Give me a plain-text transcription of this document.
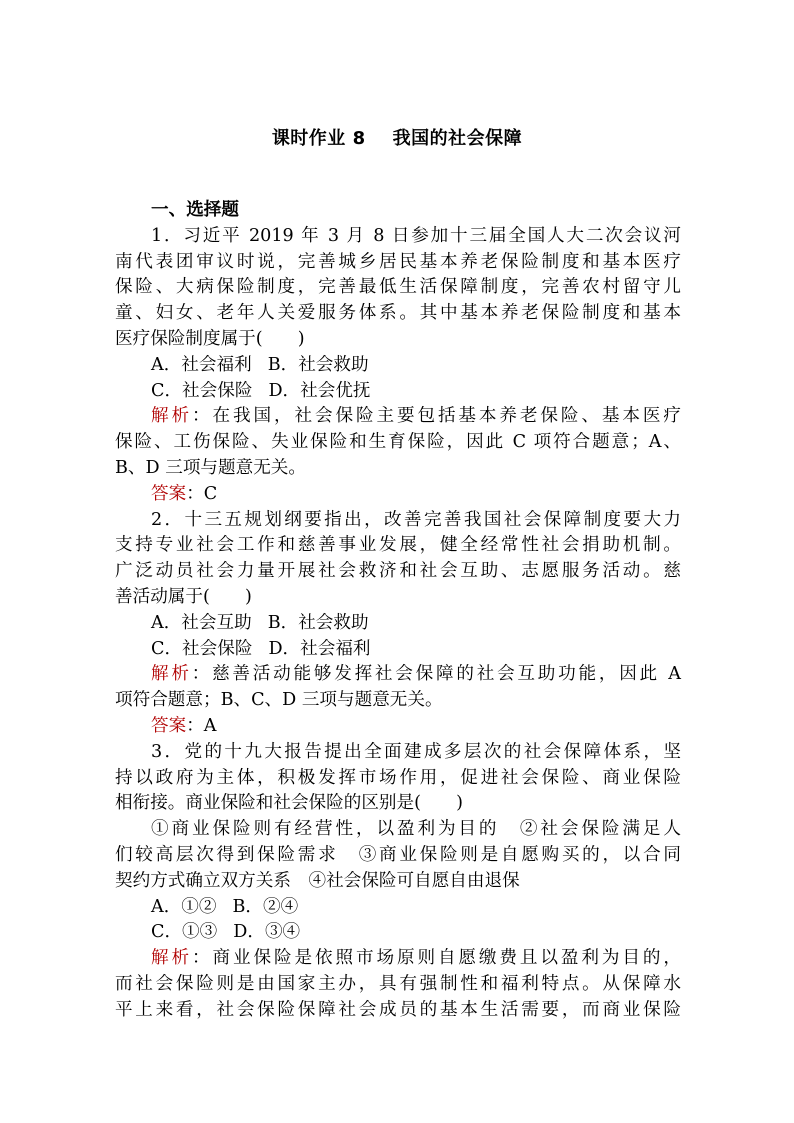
课时作业 8    我国的社会保障
一、选择题
1．习近平 2019 年 3 月 8 日参加十三届全国人大二次会议河
南代表团审议时说，完善城乡居民基本养老保险制度和基本医疗
保险、大病保险制度，完善最低生活保障制度，完善农村留守儿
童、妇女、老年人关爱服务体系。其中基本养老保险制度和基本
医疗保险制度属于(　　)
A．社会福利 B．社会救助
C．社会保险 D．社会优抚
解析：在我国，社会保险主要包括基本养老保险、基本医疗
保险、工伤保险、失业保险和生育保险，因此 C 项符合题意；A、
B、D 三项与题意无关。
答案：C
2．十三五规划纲要指出，改善完善我国社会保障制度要大力
支持专业社会工作和慈善事业发展，健全经常性社会捐助机制。
广泛动员社会力量开展社会救济和社会互助、志愿服务活动。慈
善活动属于(　　)
A．社会互助 B．社会救助
C．社会保险 D．社会福利
解析：慈善活动能够发挥社会保障的社会互助功能，因此 A
项符合题意；B、C、D 三项与题意无关。
答案：A
3．党的十九大报告提出全面建成多层次的社会保障体系，坚
持以政府为主体，积极发挥市场作用，促进社会保险、商业保险
相衔接。商业保险和社会保险的区别是(　　)
①商业保险则有经营性，以盈利为目的　②社会保险满足人
们较高层次得到保险需求　③商业保险则是自愿购买的，以合同
契约方式确立双方关系　④社会保险可自愿自由退保
A．①② B．②④
C．①③ D．③④
解析：商业保险是依照市场原则自愿缴费且以盈利为目的，
而社会保险则是由国家主办，具有强制性和福利特点。从保障水
平上来看，社会保险保障社会成员的基本生活需要，而商业保险
